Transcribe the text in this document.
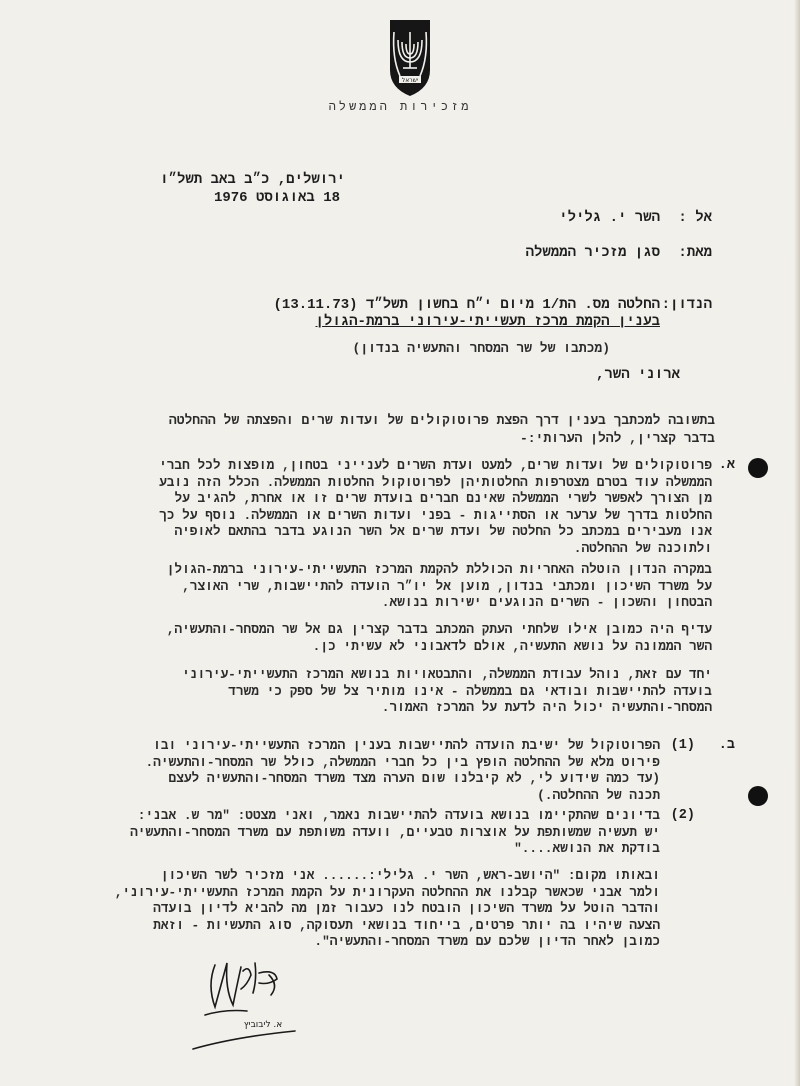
ישראל
מזכירות הממשלה
ירושלים, כ״ב באב תשל״ו
18 באוגוסט 1976
אל :
השר י. גלילי
מאת:
סגן מזכיר הממשלה
הנדון:
החלטה מס. הת/1 מיום י״ח בחשון תשל״ד (13.11.73)
בענין הקמת מרכז תעשייתי-עירוני ברמת-הגולן
(מכתבו של שר המסחר והתעשיה בנדון)
ארוני השר,
בתשובה למכתבך בענין דרך הפצת פרוטוקולים של ועדות שרים והפצתה של ההחלטה
בדבר קצרין, להלן הערותי:-
א.
פרוטוקולים של ועדות שרים, למעט ועדת השרים לענייני בטחון, מופצות לכל חברי
הממשלה עוד בטרם מצטרפות החלטותיהן לפרוטוקול החלטות הממשלה. הכלל הזה נובע
מן הצורך לאפשר לשרי הממשלה שאינם חברים בועדת שרים זו או אחרת, להגיב על
החלטות בדרך של ערער או הסתייגות - בפני ועדות השרים או הממשלה. נוסף על כך
אנו מעבירים במכתב כל החלטה של ועדת שרים אל השר הנוגע בדבר בהתאם לאופיה
ולתוכנה של ההחלטה.
במקרה הנדון הוטלה האחריות הכוללת להקמת המרכז התעשייתי-עירוני ברמת-הגולן
על משרד השיכון ומכתבי בנדון, מוען אל יו״ר הועדה להתיישבות, שרי האוצר,
הבטחון והשכון - השרים הנוגעים ישירות בנושא.
עדיף היה כמובן אילו שלחתי העתק המכתב בדבר קצרין גם אל שר המסחר-והתעשיה,
השר הממונה על נושא התעשיה, אולם לדאבוני לא עשיתי כן.
יחד עם זאת, נוהל עבודת הממשלה, והתבטאויות בנושא המרכז התעשייתי-עירוני
בועדה להתיישבות ובודאי גם בממשלה - אינו מותיר צל של ספק כי משרד
המסחר-והתעשיה יכול היה לדעת על המרכז האמור.
ב.
(1)
הפרוטוקול של ישיבת הועדה להתיישבות בענין המרכז התעשייתי-עירוני ובו
פירוט מלא של ההחלטה הופץ בין כל חברי הממשלה, כולל שר המסחר-והתעשיה.
(עד כמה שידוע לי, לא קיבלנו שום הערה מצד משרד המסחר-והתעשיה לעצם
תכנה של ההחלטה.)
(2)
בדיונים שהתקיימו בנושא בועדה להתיישבות נאמר, ואני מצטט: "מר ש. אבני:
יש תעשיה שמשותפת על אוצרות טבעיים, וועדה משותפת עם משרד המסחר-והתעשיה
בודקת את הנושא...."
ובאותו מקום: "היושב-ראש, השר י. גלילי:...... אני מזכיר לשר השיכון
ולמר אבני שכאשר קבלנו את ההחלטה העקרונית על הקמת המרכז התעשייתי-עירוני,
והדבר הוטל על משרד השיכון הובטח לנו כעבור זמן מה להביא לדיון בועדה
הצעה שיהיו בה יותר פרטים, בייחוד בנושאי תעסוקה, סוג התעשיות - וזאת
כמובן לאחר הדיון שלכם עם משרד המסחר-והתעשיה".
א. ליבוביץ
